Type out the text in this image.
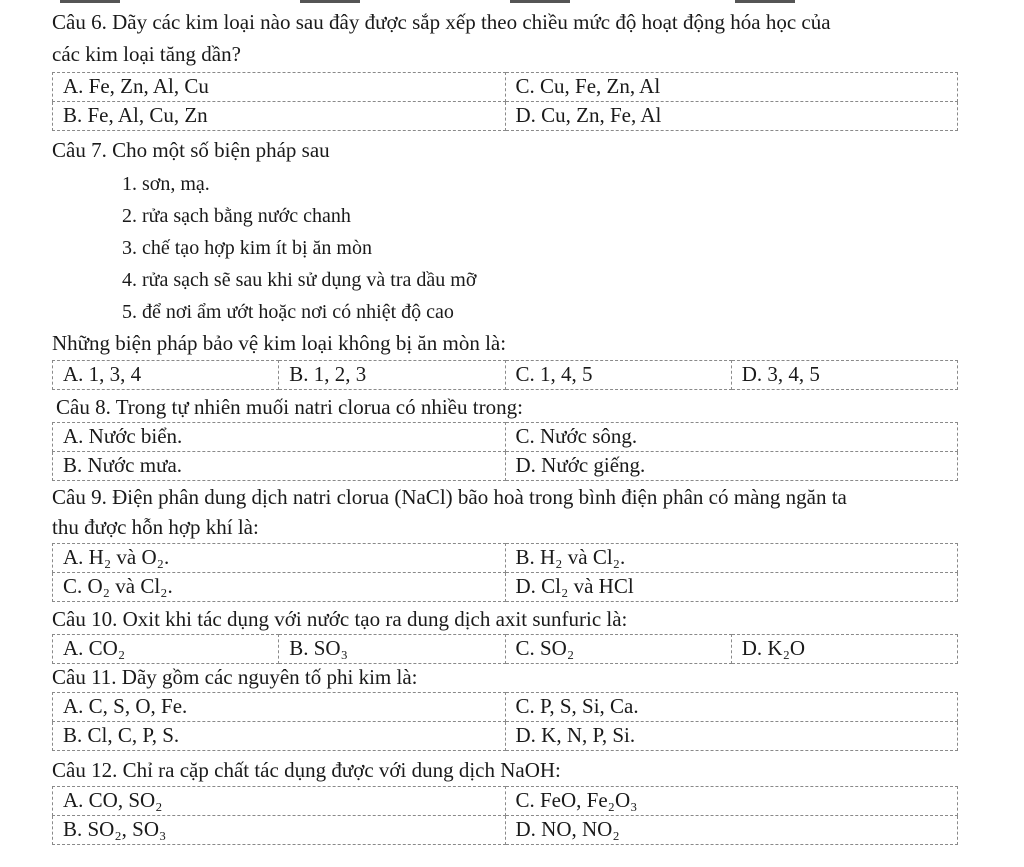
Câu 6. Dãy các kim loại nào sau đây được sắp xếp theo chiều mức độ hoạt động hóa học của
các kim loại tăng dần?
A. Fe, Zn, Al, Cu	C. Cu, Fe, Zn, Al
B. Fe, Al, Cu, Zn	D. Cu, Zn, Fe, Al
Câu 7. Cho một số biện pháp sau
1. sơn, mạ.
2. rửa sạch bằng nước chanh
3. chế tạo hợp kim ít bị ăn mòn
4. rửa sạch sẽ sau khi sử dụng và tra dầu mỡ
5. để nơi ẩm ướt hoặc nơi có nhiệt độ cao
Những biện pháp bảo vệ kim loại không bị ăn mòn là:
A. 1, 3, 4	B. 1, 2, 3	C. 1, 4, 5	D. 3, 4, 5
Câu 8. Trong tự nhiên muối natri clorua có nhiều trong:
A. Nước biển.	C. Nước sông.
B. Nước mưa.	D. Nước giếng.
Câu 9. Điện phân dung dịch natri clorua (NaCl) bão hoà trong bình điện phân có màng ngăn ta
thu được hỗn hợp khí là:
A. H₂ và O₂.	B. H₂ và Cl₂.
C. O₂ và Cl₂.	D. Cl₂ và HCl
Câu 10. Oxit khi tác dụng với nước tạo ra dung dịch axit sunfuric là:
A. CO₂	B. SO₃	C. SO₂	D. K₂O
Câu 11. Dãy gồm các nguyên tố phi kim là:
A. C, S, O, Fe.	C. P, S, Si, Ca.
B. Cl, C, P, S.	D. K, N, P, Si.
Câu 12. Chỉ ra cặp chất tác dụng được với dung dịch NaOH:
A. CO, SO₂	C. FeO, Fe₂O₃
B. SO₂, SO₃	D. NO, NO₂
